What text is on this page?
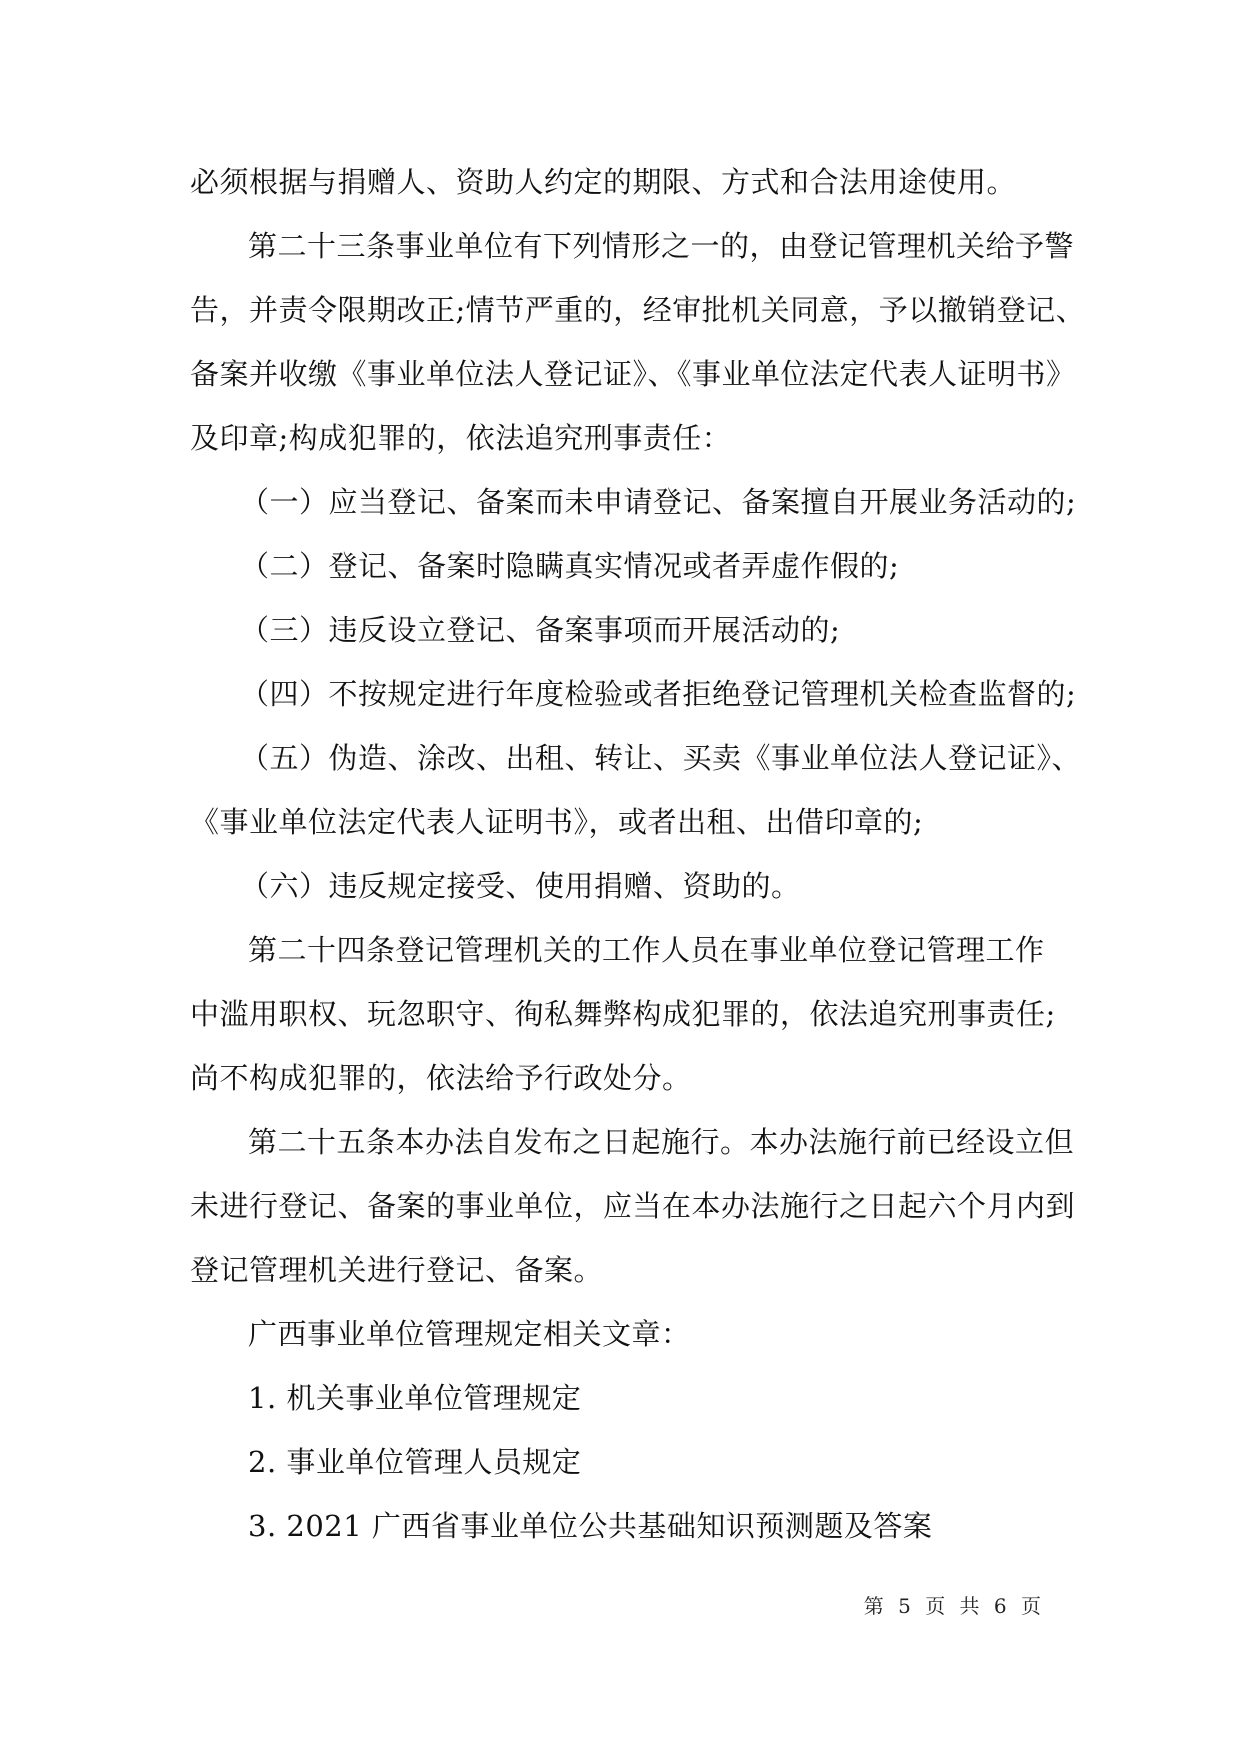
必须根据与捐赠人、资助人约定的期限、方式和合法用途使用。
第二十三条事业单位有下列情形之一的，由登记管理机关给予警
告，并责令限期改正;情节严重的，经审批机关同意，予以撤销登记、
备案并收缴《事业单位法人登记证》、《事业单位法定代表人证明书》
及印章;构成犯罪的，依法追究刑事责任：
（一）应当登记、备案而未申请登记、备案擅自开展业务活动的;
（二）登记、备案时隐瞒真实情况或者弄虚作假的;
（三）违反设立登记、备案事项而开展活动的;
（四）不按规定进行年度检验或者拒绝登记管理机关检查监督的;
（五）伪造、涂改、出租、转让、买卖《事业单位法人登记证》、
《事业单位法定代表人证明书》，或者出租、出借印章的;
（六）违反规定接受、使用捐赠、资助的。
第二十四条登记管理机关的工作人员在事业单位登记管理工作
中滥用职权、玩忽职守、徇私舞弊构成犯罪的，依法追究刑事责任;
尚不构成犯罪的，依法给予行政处分。
第二十五条本办法自发布之日起施行。本办法施行前已经设立但
未进行登记、备案的事业单位，应当在本办法施行之日起六个月内到
登记管理机关进行登记、备案。
广西事业单位管理规定相关文章：
1. 机关事业单位管理规定
2. 事业单位管理人员规定
3. 2021 广西省事业单位公共基础知识预测题及答案
第 5 页 共 6 页
